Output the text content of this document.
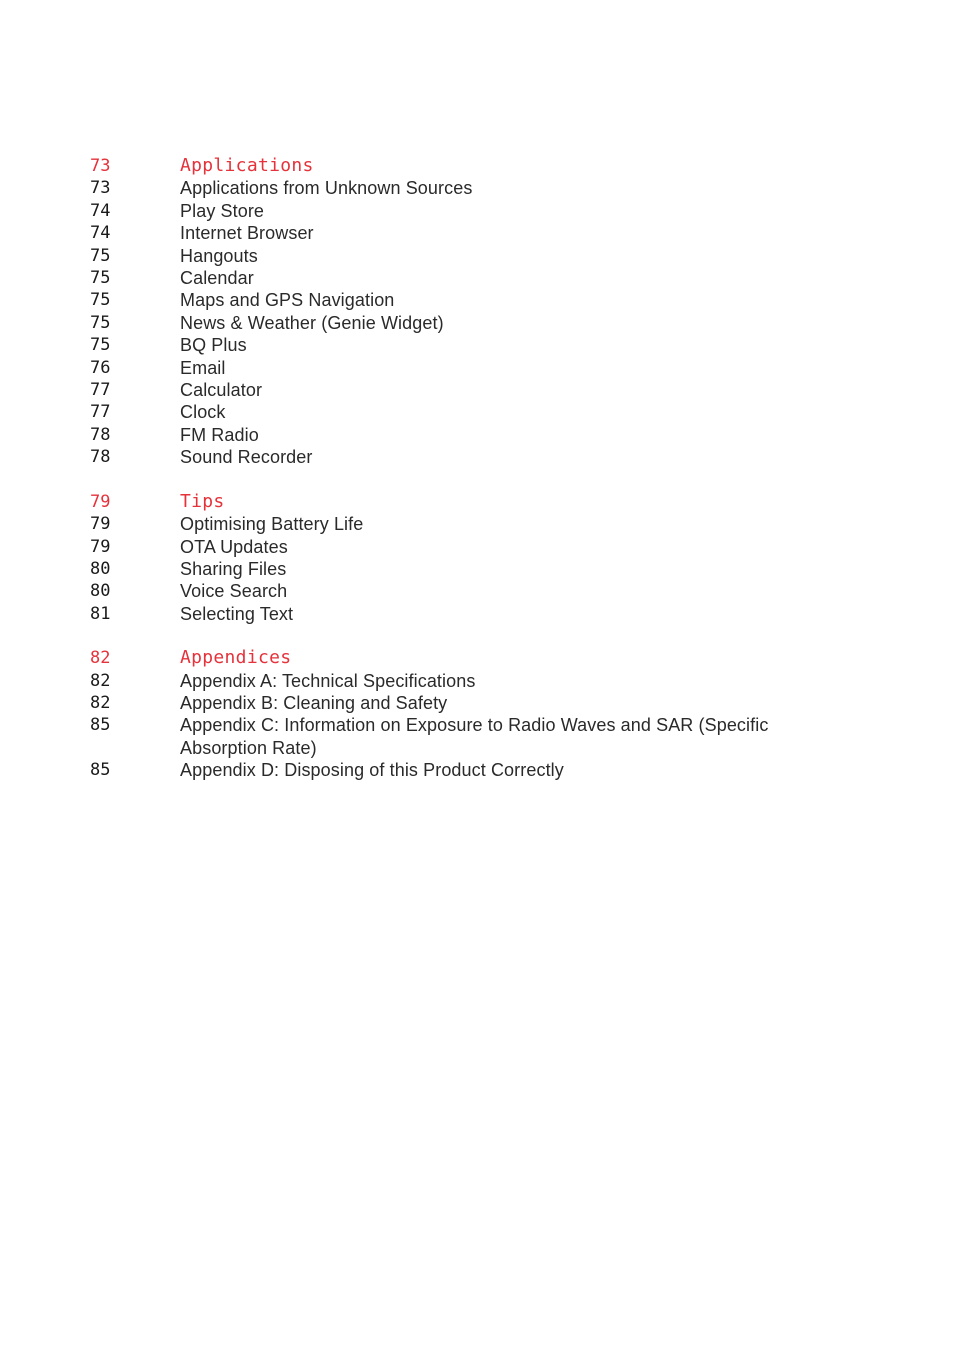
73	Applications
73	Applications from Unknown Sources
74	Play Store
74	Internet Browser
75	Hangouts
75	Calendar
75	Maps and GPS Navigation
75	News & Weather (Genie Widget)
75	BQ Plus
76	Email
77	Calculator
77	Clock
78	FM Radio
78	Sound Recorder
79	Tips
79	Optimising Battery Life
79	OTA Updates
80	Sharing Files
80	Voice Search
81	Selecting Text
82	Appendices
82	Appendix A: Technical Specifications
82	Appendix B: Cleaning and Safety
85	Appendix C: Information on Exposure to Radio Waves and SAR (Specific Absorption Rate)
85	Appendix D: Disposing of this Product Correctly
